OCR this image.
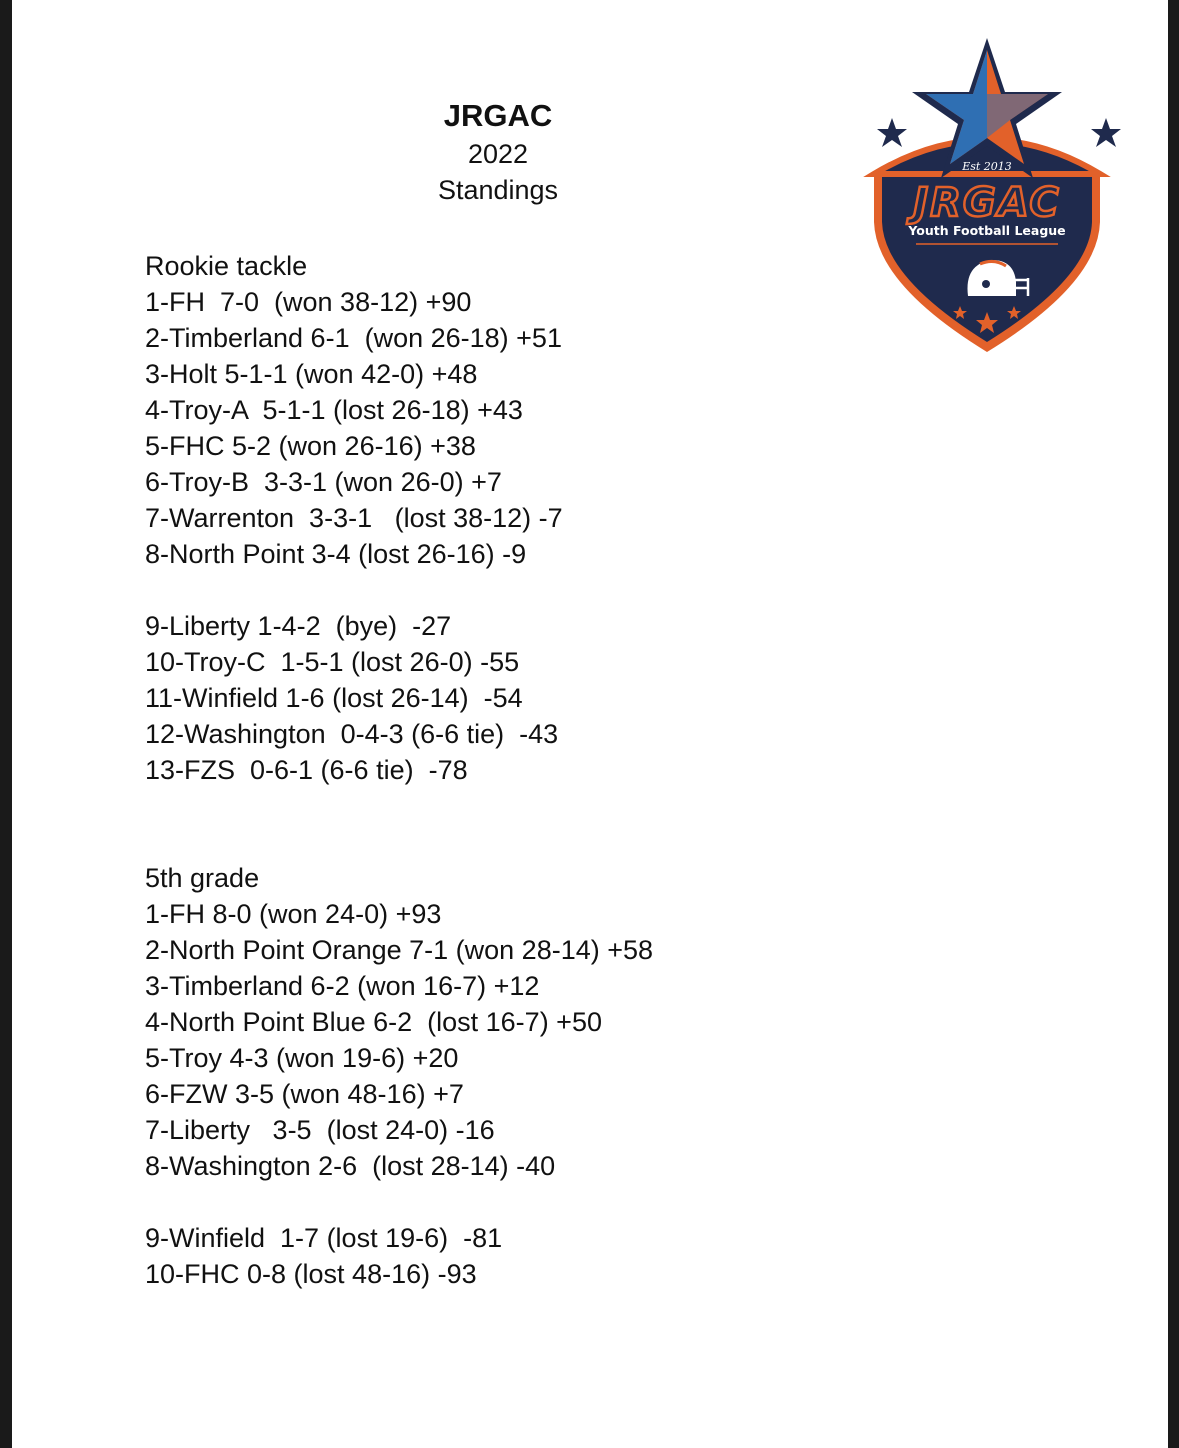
JRGAC
2022
Standings
Est 2013
JRGAC
Youth Football League
Rookie tackle
1-FH  7-0  (won 38-12) +90
2-Timberland 6-1  (won 26-18) +51
3-Holt 5-1-1 (won 42-0) +48
4-Troy-A  5-1-1 (lost 26-18) +43
5-FHC 5-2 (won 26-16) +38
6-Troy-B  3-3-1 (won 26-0) +7
7-Warrenton  3-3-1   (lost 38-12) -7
8-North Point 3-4 (lost 26-16) -9
9-Liberty 1-4-2  (bye)  -27
10-Troy-C  1-5-1 (lost 26-0) -55
11-Winfield 1-6 (lost 26-14)  -54
12-Washington  0-4-3 (6-6 tie)  -43
13-FZS  0-6-1 (6-6 tie)  -78
5th grade
1-FH 8-0 (won 24-0) +93
2-North Point Orange 7-1 (won 28-14) +58
3-Timberland 6-2 (won 16-7) +12
4-North Point Blue 6-2  (lost 16-7) +50
5-Troy 4-3 (won 19-6) +20
6-FZW 3-5 (won 48-16) +7
7-Liberty   3-5  (lost 24-0) -16
8-Washington 2-6  (lost 28-14) -40
9-Winfield  1-7 (lost 19-6)  -81
10-FHC 0-8 (lost 48-16) -93
